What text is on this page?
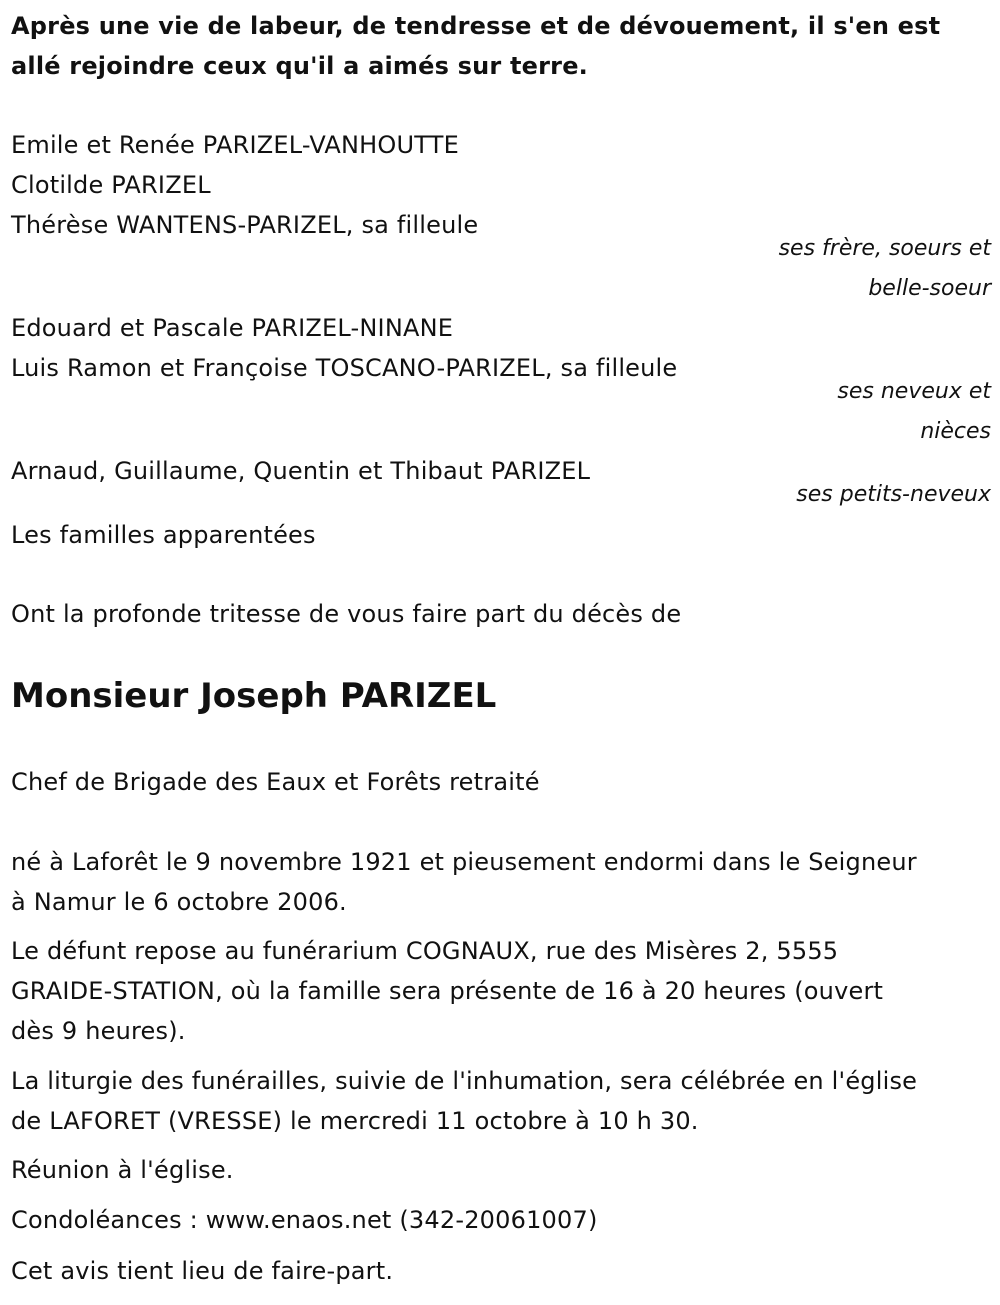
Après une vie de labeur, de tendresse et de dévouement, il s'en est
allé rejoindre ceux qu'il a aimés sur terre.
Emile et Renée PARIZEL-VANHOUTTE
Clotilde PARIZEL
Thérèse WANTENS-PARIZEL, sa filleule
ses frère, soeurs et
belle-soeur
Edouard et Pascale PARIZEL-NINANE
Luis Ramon et Françoise TOSCANO-PARIZEL, sa filleule
ses neveux et
nièces
Arnaud, Guillaume, Quentin et Thibaut PARIZEL
ses petits-neveux
Les familles apparentées
Ont la profonde tritesse de vous faire part du décès de
Monsieur Joseph PARIZEL
Chef de Brigade des Eaux et Forêts retraité
né à Laforêt le 9 novembre 1921 et pieusement endormi dans le Seigneur
à Namur le 6 octobre 2006.
Le défunt repose au funérarium COGNAUX, rue des Misères 2, 5555
GRAIDE-STATION, où la famille sera présente de 16 à 20 heures (ouvert
dès 9 heures).
La liturgie des funérailles, suivie de l'inhumation, sera célébrée en l'église
de LAFORET (VRESSE) le mercredi 11 octobre à 10 h 30.
Réunion à l'église.
Condoléances : www.enaos.net (342-20061007)
Cet avis tient lieu de faire-part.
